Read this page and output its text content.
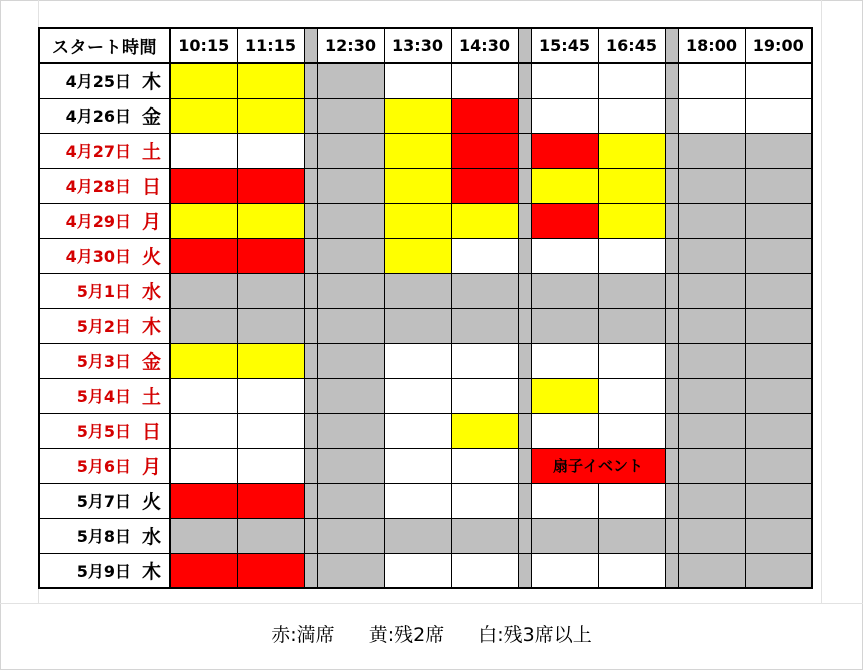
スタート時間		10:15	11:15		12:30	13:30	14:30		15:45	16:45		18:00	19:00
4月25日	木												
4月26日	金												
4月27日	土												
4月28日	日												
4月29日	月												
4月30日	火												
5月1日	水												
5月2日	木												
5月3日	金												
5月4日	土												
5月5日	日												
5月6日	月								扇子イベント				
5月7日	火												
5月8日	水												
5月9日	木												
赤:満席 黄:残2席 白:残3席以上
